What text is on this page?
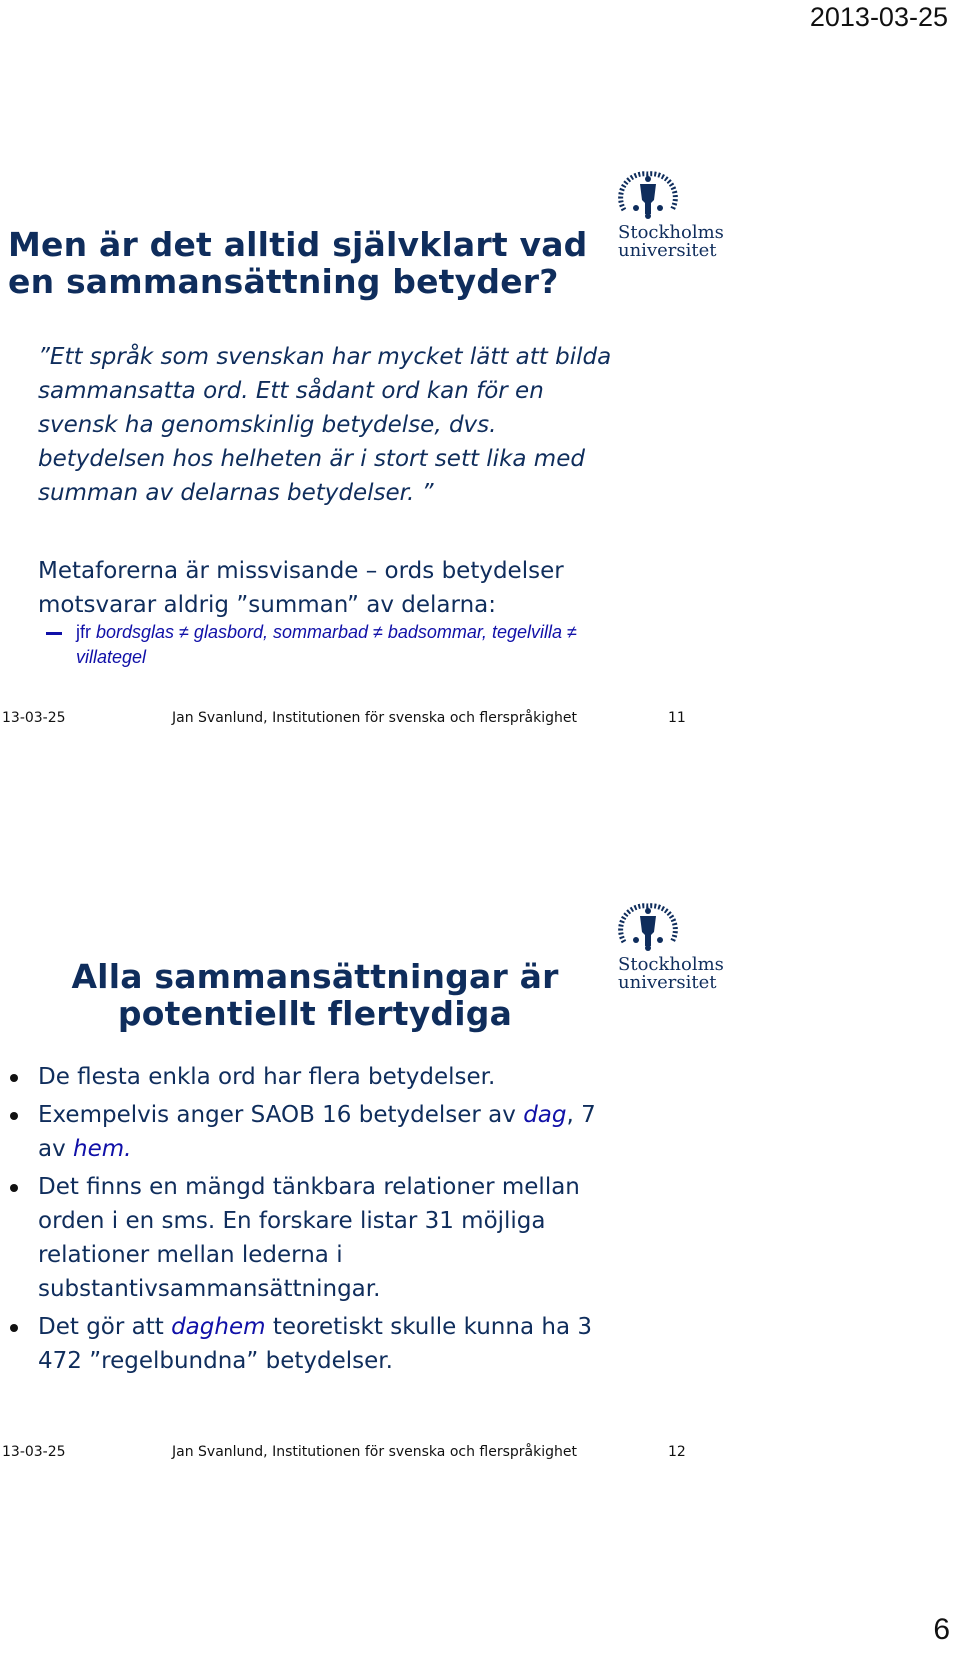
2013-03-25
Men är det alltid självklart vad
en sammansättning betyder?
Stockholms
universitet
”Ett språk som svenskan har mycket lätt att bilda sammansatta ord. Ett sådant ord kan för en svensk ha genomskinlig betydelse, dvs. betydelsen hos helheten är i stort sett lika med summan av delarnas betydelser. ”
Metaforerna är missvisande – ords betydelser motsvarar aldrig ”summan” av delarna:
jfr bordsglas ≠ glasbord, sommarbad ≠ badsommar, tegelvilla ≠ villategel
13-03-25	Jan Svanlund, Institutionen för svenska och flerspråkighet	11
Alla sammansättningar är
potentiellt flertydiga
Stockholms
universitet
De flesta enkla ord har flera betydelser.
Exempelvis anger SAOB 16 betydelser av dag, 7 av hem.
Det finns en mängd tänkbara relationer mellan orden i en sms. En forskare listar 31 möjliga relationer mellan lederna i substantivsammansättningar.
Det gör att daghem teoretiskt skulle kunna ha 3 472 ”regelbundna” betydelser.
13-03-25	Jan Svanlund, Institutionen för svenska och flerspråkighet	12
6
